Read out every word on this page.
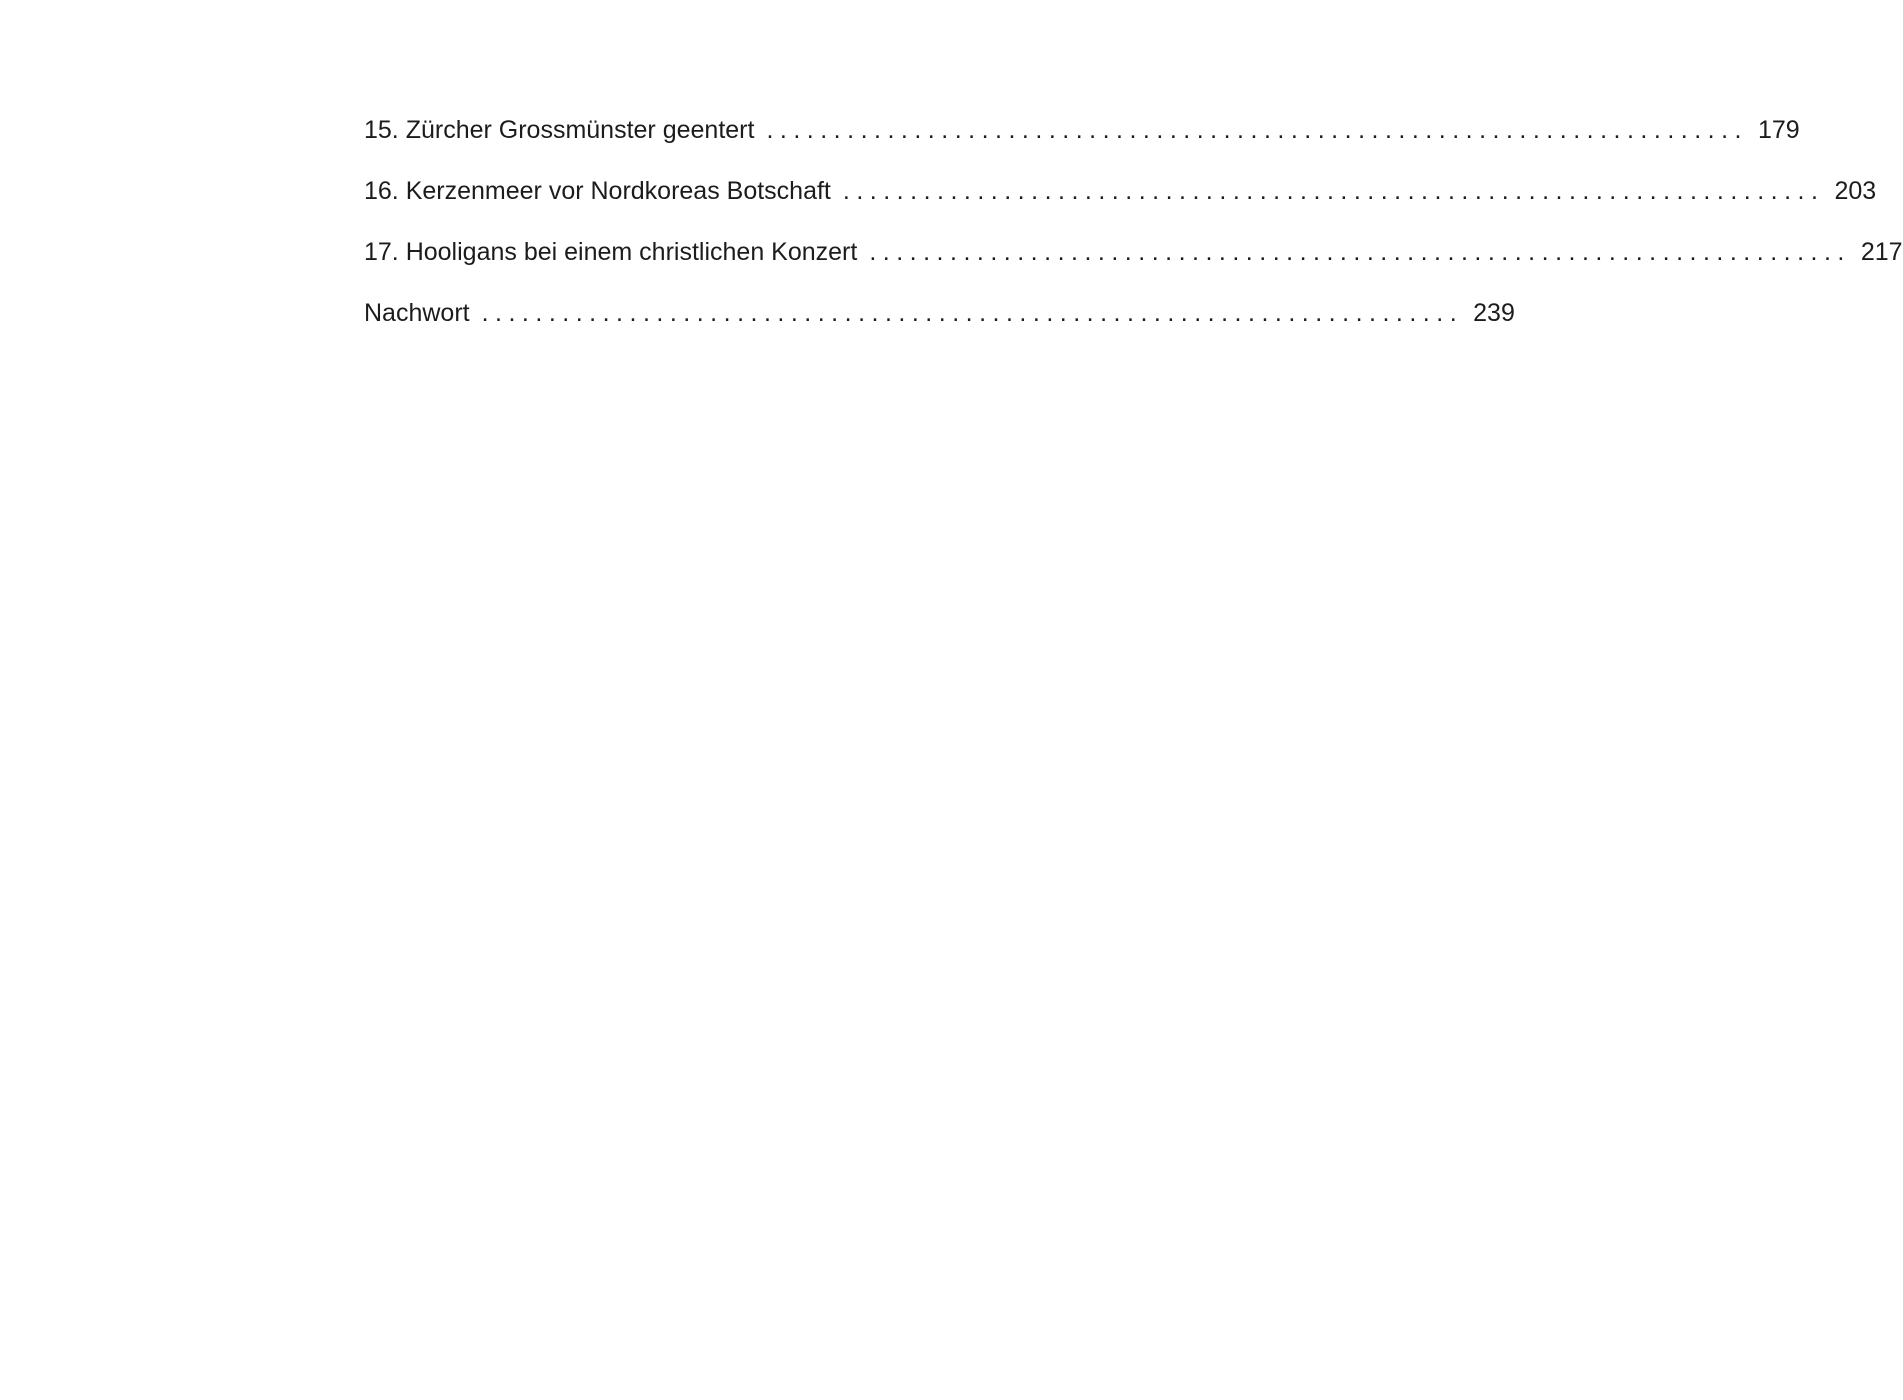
15. Zürcher Grossmünster geentert ......................................................................... 179
16. Kerzenmeer vor Nordkoreas Botschaft ......................................................................... 203
17. Hooligans bei einem christlichen Konzert ......................................................................... 217
Nachwort ......................................................................... 239
